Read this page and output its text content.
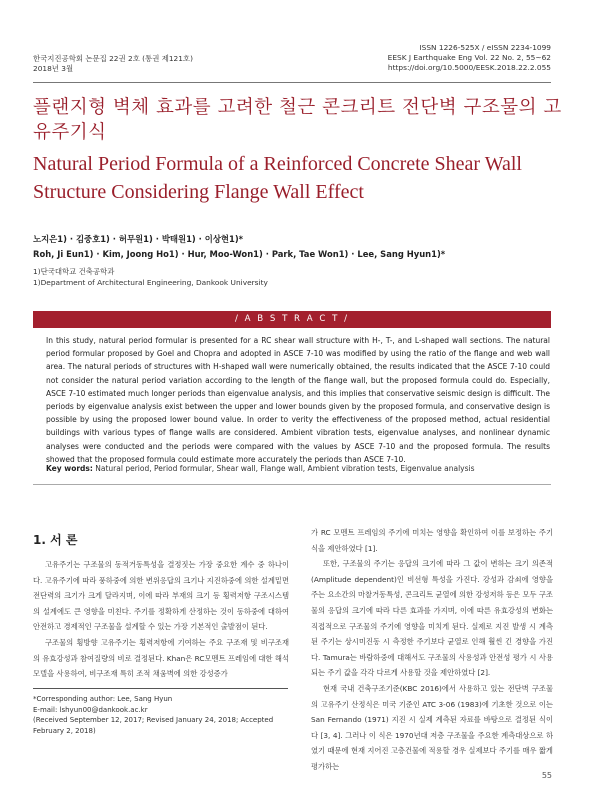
한국지진공학회 논문집 22권 2호 (통권 제121호)
2018년 3월
ISSN 1226-525X / eISSN 2234-1099
EESK J Earthquake Eng Vol. 22 No. 2, 55~62
https://doi.org/10.5000/EESK.2018.22.2.055
플랜지형 벽체 효과를 고려한 철근 콘크리트 전단벽 구조물의 고유주기식
Natural Period Formula of a Reinforced Concrete Shear Wall Structure Considering Flange Wall Effect
노지은1) · 김중호1) · 허무원1) · 박태원1) · 이상현1)*
Roh, Ji Eun1) · Kim, Joong Ho1) · Hur, Moo-Won1) · Park, Tae Won1) · Lee, Sang Hyun1)*
1)단국대학교 건축공학과
1)Department of Architectural Engineering, Dankook University
/ A B S T R A C T /
In this study, natural period formular is presented for a RC shear wall structure with H-, T-, and L-shaped wall sections. The natural period formular proposed by Goel and Chopra and adopted in ASCE 7-10 was modified by using the ratio of the flange and web wall area. The natural periods of structures with H-shaped wall were numerically obtained, the results indicated that the ASCE 7-10 could not consider the natural period variation according to the length of the flange wall, but the proposed formula could do. Especially, ASCE 7-10 estimated much longer periods than eigenvalue analysis, and this implies that conservative seismic design is difficult. The periods by eigenvalue analysis exist between the upper and lower bounds given by the proposed formula, and conservative design is possible by using the proposed lower bound value. In order to verity the effectiveness of the proposed method, actual residential buildings with various types of flange walls are considered. Ambient vibration tests, eigenvalue analyses, and nonlinear dynamic analyses were conducted and the periods were compared with the values by ASCE 7-10 and the proposed formula. The results showed that the proposed formula could estimate more accurately the periods than ASCE 7-10.
Key words: Natural period, Period formular, Shear wall, Flange wall, Ambient vibration tests, Eigenvalue analysis
1. 서 론

고유주기는 구조물의 동적거동특성을 결정짓는 가장 중요한 계수 중 하나이다. 고유주기에 따라 풍하중에 의한 변위응답의 크기나 지진하중에 의한 설계밑면전단력의 크기가 크게 달라지며, 이에 따라 부재의 크기 등 횡력저항 구조시스템의 설계에도 큰 영향을 미친다. 주기를 정확하게 산정하는 것이 동하중에 대하여 안전하고 경제적인 구조물을 설계할 수 있는 가장 기본적인 출발점이 된다.

구조물의 횡방향 고유주기는 횡력저항에 기여하는 주요 구조재 및 비구조재의 유효강성과 참여질량의 비로 결정된다. Khan은 RC모멘트 프레임에 대한 해석모델을 사용하여, 비구조재 특히 조적 채움벽에 의한 강성증가

가 RC 모멘트 프레임의 주기에 미치는 영향을 확인하여 이를 보정하는 주기식을 제안하였다 [1].

또한, 구조물의 주기는 응답의 크기에 따라 그 값이 변하는 크기 의존적(Amplitude dependent)인 비선형 특성을 가진다. 강성과 감쇠에 영향을 주는 요소간의 마찰거동특성, 콘크리트 균열에 의한 강성저하 등은 모두 구조물의 응답의 크기에 따라 다른 효과를 가지며, 이에 따른 유효강성의 변화는 직접적으로 구조물의 주기에 영향을 미치게 된다. 실제로 지진 발생 시 계측된 주기는 상시미진동 시 측정한 주기보다 균열로 인해 훨씬 긴 경향을 가진다. Tamura는 바람하중에 대해서도 구조물의 사용성과 안전성 평가 시 사용되는 주기 값을 각각 다르게 사용할 것을 제안하였다 [2].

현재 국내 건축구조기준(KBC 2016)에서 사용하고 있는 전단벽 구조물의 고유주기 산정식은 미국 기준인 ATC 3-06 (1983)에 기초한 것으로 이는 San Fernando (1971) 지진 시 실제 계측된 자료를 바탕으로 결정된 식이다 [3, 4]. 그러나 이 식은 1970년대 저층 구조물을 주요한 계측대상으로 하였기 때문에 현재 지어진 고층건물에 적용할 경우 실제보다 주기를 매우 짧게 평가하는

*Corresponding author: Lee, Sang Hyun
E-mail: lshyun00@dankook.ac.kr
(Received September 12, 2017; Revised January 24, 2018; Accepted February 2, 2018)
55
